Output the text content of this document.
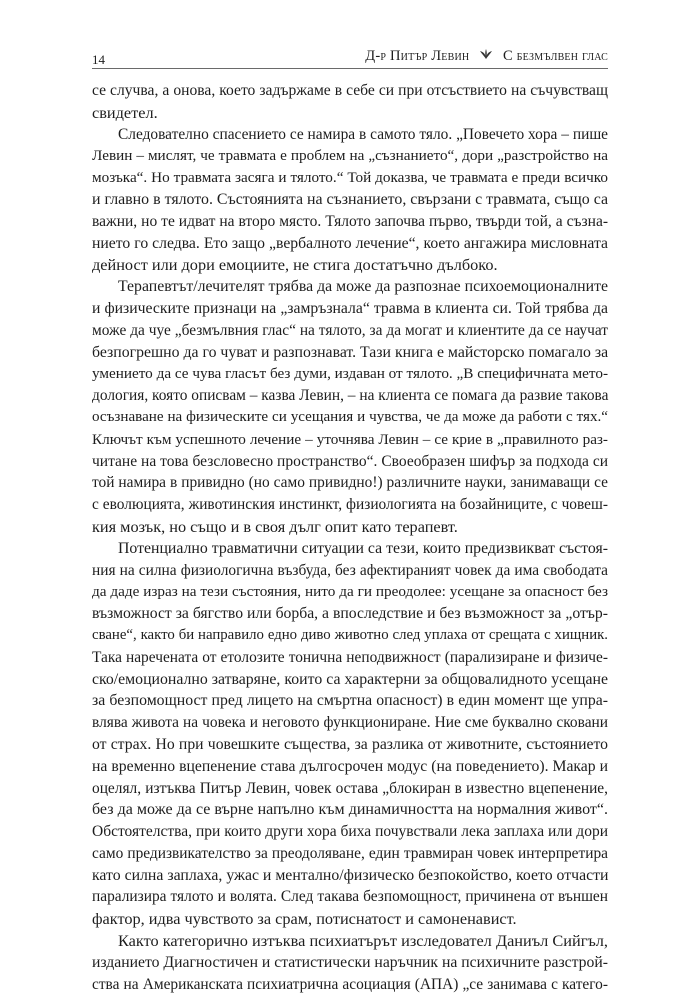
14	Д-р Питър Левин С безмълвен глас
се случва, а онова, което задържаме в себе си при отсъствието на съчувстващ
свидетел.
Следователно спасението се намира в самото тяло. „Повечето хора – пише
Левин – мислят, че травмата е проблем на „съзнанието“, дори „разстройство на
мозъка“. Но травмата засяга и тялото.“ Той доказва, че травмата е преди всичко
и главно в тялото. Състоянията на съзнанието, свързани с травмата, също са
важни, но те идват на второ място. Тялото започва първо, твърди той, а съзна-
нието го следва. Ето защо „вербалното лечение“, което ангажира мисловната
дейност или дори емоциите, не стига достатъчно дълбоко.
Терапевтът/лечителят трябва да може да разпознае психоемоционалните
и физическите признаци на „замръзнала“ травма в клиента си. Той трябва да
може да чуе „безмълвния глас“ на тялото, за да могат и клиентите да се научат
безпогрешно да го чуват и разпознават. Тази книга е майсторско помагало за
умението да се чува гласът без думи, издаван от тялото. „В специфичната мето-
дология, която описвам – казва Левин, – на клиента се помага да развие такова
осъзнаване на физическите си усещания и чувства, че да може да работи с тях.“
Ключът към успешното лечение – уточнява Левин – се крие в „правилното раз-
читане на това безсловесно пространство“. Своеобразен шифър за подхода си
той намира в привидно (но само привидно!) различните науки, занимаващи се
с еволюцията, животинския инстинкт, физиологията на бозайниците, с човеш-
кия мозък, но също и в своя дълг опит като терапевт.
Потенциално травматични ситуации са тези, които предизвикват състоя-
ния на силна физиологична възбуда, без афектираният човек да има свободата
да даде израз на тези състояния, нито да ги преодолее: усещане за опасност без
възможност за бягство или борба, а впоследствие и без възможност за „отър-
сване“, както би направило едно диво животно след уплаха от срещата с хищник.
Така наречената от етолозите тонична неподвижност (парализиране и физиче-
ско/емоционално затваряне, които са характерни за общовалидното усещане
за безпомощност пред лицето на смъртна опасност) в един момент ще упра-
влява живота на човека и неговото функциониране. Ние сме буквално сковани
от страх. Но при човешките същества, за разлика от животните, състоянието
на временно вцепенение става дългосрочен модус (на поведението). Макар и
оцелял, изтъква Питър Левин, човек остава „блокиран в известно вцепенение,
без да може да се върне напълно към динамичността на нормалния живот“.
Обстоятелства, при които други хора биха почувствали лека заплаха или дори
само предизвикателство за преодоляване, един травмиран човек интерпретира
като силна заплаха, ужас и ментално/физическо безпокойство, което отчасти
парализира тялото и волята. След такава безпомощност, причинена от външен
фактор, идва чувството за срам, потиснатост и самоненавист.
Както категорично изтъква психиатърът изследовател Даниъл Сийгъл,
изданието Диагностичен и статистически наръчник на психичните разстрой-
ства на Американската психиатрична асоциация (АПА) „се занимава с катего-
